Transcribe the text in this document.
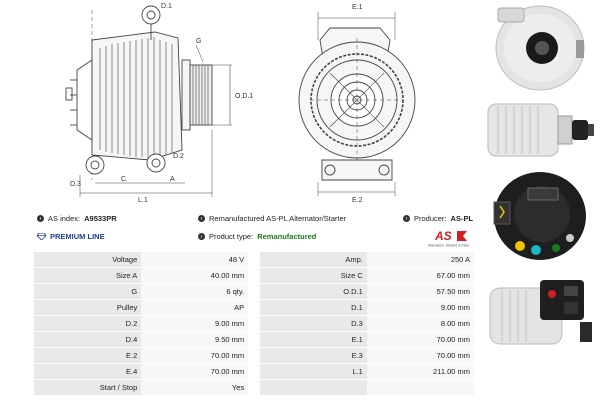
D.1
G
O.D.1
D.2
D.3
C	A
L.1
E.1
E.2
› AS index: A9533PR	› Remanufactured AS-PL Alternator/Starter	› Producer: AS-PL
PREMIUM LINE	› Product type: Remanufactured	AS
Alternators, Starters & Parts
Voltage	48 V		Amp.	250 A
Size A	40.00 mm		Size C	67.00 mm
G	6 qty.		O.D.1	57.50 mm
Pulley	AP		D.1	9.00 mm
D.2	9.00 mm		D.3	8.00 mm
D.4	9.50 mm		E.1	70.00 mm
E.2	70.00 mm		E.3	70.00 mm
E.4	70.00 mm		L.1	211.00 mm
Start / Stop	Yes			
